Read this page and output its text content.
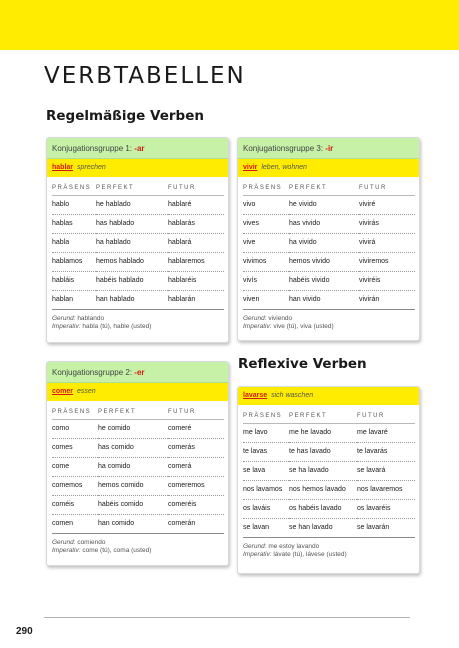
VERBTABELLEN
Regelmäßige Verben
Konjugationsgruppe 1: -ar
hablar sprechen
PRÄSENS	PERFEKT	FUTUR
hablo	he hablado	hablaré
hablas	has hablado	hablarás
habla	ha hablado	hablará
hablamos	hemos hablado	hablaremos
habláis	habéis hablado	hablaréis
hablan	han hablado	hablarán
Gerund: hablando
Imperativ: habla (tú), hable (usted)
Konjugationsgruppe 3: -ir
vivir leben, wohnen
PRÄSENS	PERFEKT	FUTUR
vivo	he vivido	viviré
vives	has vivido	vivirás
vive	ha vivido	vivirá
vivimos	hemos vivido	viviremos
vivís	habéis vivido	viviréis
viven	han vivido	vivirán
Gerund: viviendo
Imperativ: vive (tú), viva (usted)
Reflexive Verben
Konjugationsgruppe 2: -er
comer essen
PRÄSENS	PERFEKT	FUTUR
como	he comido	comeré
comes	has comido	comerás
come	ha comido	comerá
comemos	hemos comido	comeremos
coméis	habéis comido	comeréis
comen	han comido	comerán
Gerund: comiendo
Imperativ: come (tú), coma (usted)
lavarse sich waschen
PRÄSENS	PERFEKT	FUTUR
me lavo	me he lavado	me lavaré
te lavas	te has lavado	te lavarás
se lava	se ha lavado	se lavará
nos lavamos	nos hemos lavado	nos lavaremos
os laváis	os habéis lavado	os lavaréis
se lavan	se han lavado	se lavarán
Gerund: me estoy lavando
Imperativ: lávate (tú), lávese (usted)
290
